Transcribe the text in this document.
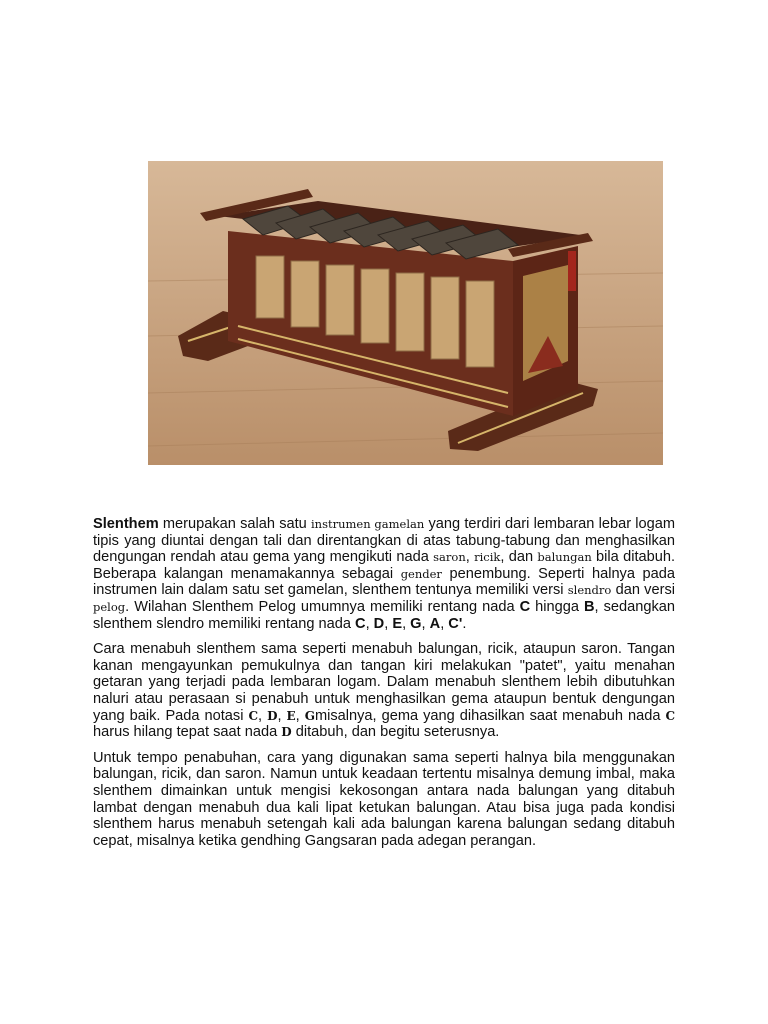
Slenthem merupakan salah satu instrumen gamelan yang terdiri dari lembaran lebar logam tipis yang diuntai dengan tali dan direntangkan di atas tabung-tabung dan menghasilkan dengungan rendah atau gema yang mengikuti nada saron, ricik, dan balungan bila ditabuh. Beberapa kalangan menamakannya sebagai gender penembung. Seperti halnya pada instrumen lain dalam satu set gamelan, slenthem tentunya memiliki versi slendro dan versi pelog. Wilahan Slenthem Pelog umumnya memiliki rentang nada C hingga B, sedangkan slenthem slendro memiliki rentang nada C, D, E, G, A, C'.

Cara menabuh slenthem sama seperti menabuh balungan, ricik, ataupun saron. Tangan kanan mengayunkan pemukulnya dan tangan kiri melakukan "patet", yaitu menahan getaran yang terjadi pada lembaran logam. Dalam menabuh slenthem lebih dibutuhkan naluri atau perasaan si penabuh untuk menghasilkan gema ataupun bentuk dengungan yang baik. Pada notasi C, D, E, Gmisalnya, gema yang dihasilkan saat menabuh nada C harus hilang tepat saat nada D ditabuh, dan begitu seterusnya.

Untuk tempo penabuhan, cara yang digunakan sama seperti halnya bila menggunakan balungan, ricik, dan saron. Namun untuk keadaan tertentu misalnya demung imbal, maka slenthem dimainkan untuk mengisi kekosongan antara nada balungan yang ditabuh lambat dengan menabuh dua kali lipat ketukan balungan. Atau bisa juga pada kondisi slenthem harus menabuh setengah kali ada balungan karena balungan sedang ditabuh cepat, misalnya ketika gendhing Gangsaran pada adegan perangan.
